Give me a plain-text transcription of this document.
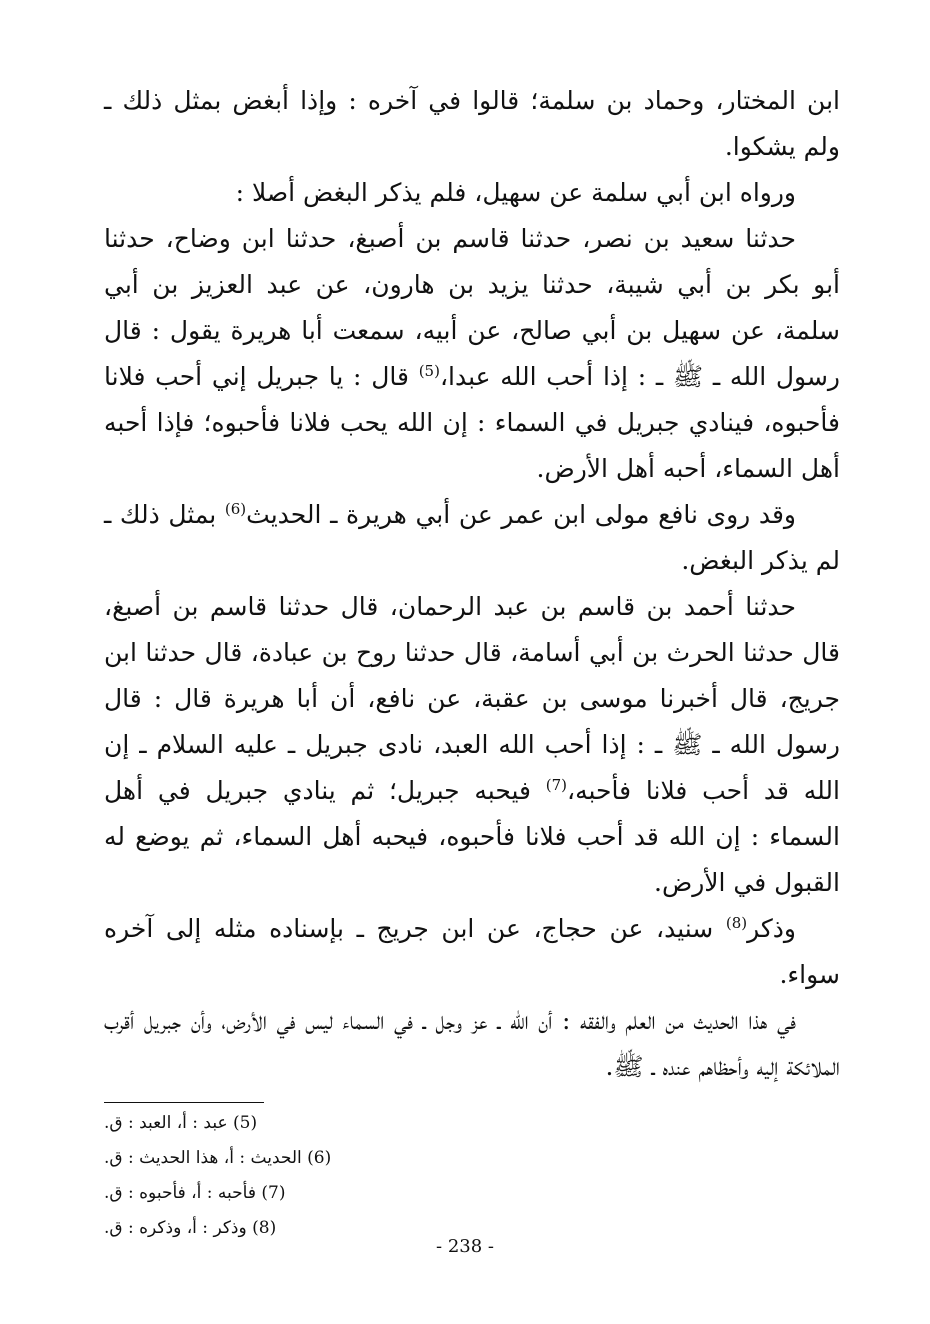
ابن المختار، وحماد بن سلمة؛ قالوا في آخره : وإذا أبغض بمثل ذلك ـ ولم يشكوا.

ورواه ابن أبي سلمة عن سهيل، فلم يذكر البغض أصلا :

حدثنا سعيد بن نصر، حدثنا قاسم بن أصبغ، حدثنا ابن وضاح، حدثنا أبو بكر بن أبي شيبة، حدثنا يزيد بن هارون، عن عبد العزيز بن أبي سلمة، عن سهيل بن أبي صالح، عن أبيه، سمعت أبا هريرة يقول : قال رسول الله ـ ﷺ ـ : إذا أحب الله عبدا،$^{(5)}$ قال : يا جبريل إني أحب فلانا فأحبوه، فينادي جبريل في السماء : إن الله يحب فلانا فأحبوه؛ فإذا أحبه أهل السماء، أحبه أهل الأرض.

وقد روى نافع مولى ابن عمر عن أبي هريرة ـ الحديث$^{(6)}$ بمثل ذلك ـ لم يذكر البغض.

حدثنا أحمد بن قاسم بن عبد الرحمان، قال حدثنا قاسم بن أصبغ، قال حدثنا الحرث بن أبي أسامة، قال حدثنا روح بن عبادة، قال حدثنا ابن جريج، قال أخبرنا موسى بن عقبة، عن نافع، أن أبا هريرة قال : قال رسول الله ـ ﷺ ـ : إذا أحب الله العبد، نادى جبريل ـ عليه السلام ـ إن الله قد أحب فلانا فأحبه،$^{(7)}$ فيحبه جبريل؛ ثم ينادي جبريل في أهل السماء : إن الله قد أحب فلانا فأحبوه، فيحبه أهل السماء، ثم يوضع له القبول في الأرض.

وذكر$^{(8)}$ سنيد، عن حجاج، عن ابن جريج ـ بإسناده مثله إلى آخره سواء.

في هذا الحديث من العلم والفقه : أن الله ـ عز وجل ـ في السماء ليس في الأرض، وأن جبريل أقرب الملائكة إليه وأحظاهم عنده ـ ﷺ.

(5) عبد : أ، العبد : ق.
(6) الحديث : أ، هذا الحديث : ق.
(7) فأحبه : أ، فأحبوه : ق.
(8) وذكر : أ، وذكره : ق.
- 238 -
